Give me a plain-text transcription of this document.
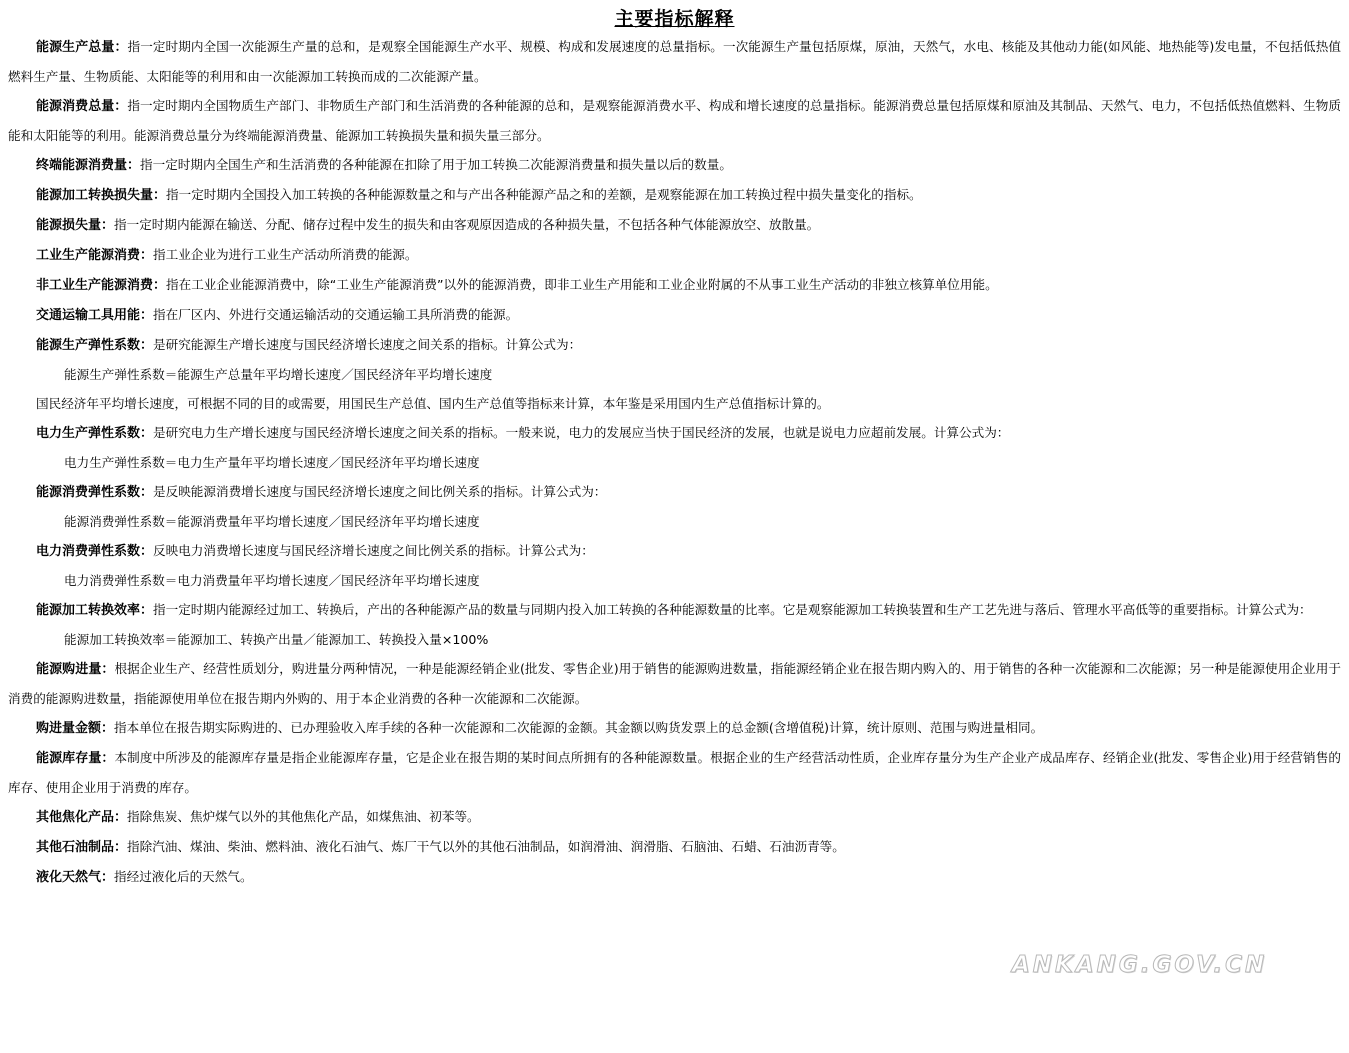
主要指标解释

能源生产总量：指一定时期内全国一次能源生产量的总和，是观察全国能源生产水平、规模、构成和发展速度的总量指标。一次能源生产量包括原煤，原油，天然气，水电、核能及其他动力能(如风能、地热能等)发电量，不包括低热值燃料生产量、生物质能、太阳能等的利用和由一次能源加工转换而成的二次能源产量。

能源消费总量：指一定时期内全国物质生产部门、非物质生产部门和生活消费的各种能源的总和，是观察能源消费水平、构成和增长速度的总量指标。能源消费总量包括原煤和原油及其制品、天然气、电力，不包括低热值燃料、生物质能和太阳能等的利用。能源消费总量分为终端能源消费量、能源加工转换损失量和损失量三部分。

终端能源消费量：指一定时期内全国生产和生活消费的各种能源在扣除了用于加工转换二次能源消费量和损失量以后的数量。

能源加工转换损失量：指一定时期内全国投入加工转换的各种能源数量之和与产出各种能源产品之和的差额，是观察能源在加工转换过程中损失量变化的指标。

能源损失量：指一定时期内能源在输送、分配、储存过程中发生的损失和由客观原因造成的各种损失量，不包括各种气体能源放空、放散量。

工业生产能源消费：指工业企业为进行工业生产活动所消费的能源。

非工业生产能源消费：指在工业企业能源消费中，除“工业生产能源消费”以外的能源消费，即非工业生产用能和工业企业附属的不从事工业生产活动的非独立核算单位用能。

交通运输工具用能：指在厂区内、外进行交通运输活动的交通运输工具所消费的能源。

能源生产弹性系数：是研究能源生产增长速度与国民经济增长速度之间关系的指标。计算公式为：

能源生产弹性系数＝能源生产总量年平均增长速度／国民经济年平均增长速度

国民经济年平均增长速度，可根据不同的目的或需要，用国民生产总值、国内生产总值等指标来计算，本年鉴是采用国内生产总值指标计算的。

电力生产弹性系数：是研究电力生产增长速度与国民经济增长速度之间关系的指标。一般来说，电力的发展应当快于国民经济的发展，也就是说电力应超前发展。计算公式为：

电力生产弹性系数＝电力生产量年平均增长速度／国民经济年平均增长速度

能源消费弹性系数：是反映能源消费增长速度与国民经济增长速度之间比例关系的指标。计算公式为：

能源消费弹性系数＝能源消费量年平均增长速度／国民经济年平均增长速度

电力消费弹性系数：反映电力消费增长速度与国民经济增长速度之间比例关系的指标。计算公式为：

电力消费弹性系数＝电力消费量年平均增长速度／国民经济年平均增长速度

能源加工转换效率：指一定时期内能源经过加工、转换后，产出的各种能源产品的数量与同期内投入加工转换的各种能源数量的比率。它是观察能源加工转换装置和生产工艺先进与落后、管理水平高低等的重要指标。计算公式为：

能源加工转换效率＝能源加工、转换产出量／能源加工、转换投入量×100%

能源购进量：根据企业生产、经营性质划分，购进量分两种情况，一种是能源经销企业(批发、零售企业)用于销售的能源购进数量，指能源经销企业在报告期内购入的、用于销售的各种一次能源和二次能源；另一种是能源使用企业用于消费的能源购进数量，指能源使用单位在报告期内外购的、用于本企业消费的各种一次能源和二次能源。

购进量金额：指本单位在报告期实际购进的、已办理验收入库手续的各种一次能源和二次能源的金额。其金额以购货发票上的总金额(含增值税)计算，统计原则、范围与购进量相同。

能源库存量：本制度中所涉及的能源库存量是指企业能源库存量，它是企业在报告期的某时间点所拥有的各种能源数量。根据企业的生产经营活动性质，企业库存量分为生产企业产成品库存、经销企业(批发、零售企业)用于经营销售的库存、使用企业用于消费的库存。

其他焦化产品：指除焦炭、焦炉煤气以外的其他焦化产品，如煤焦油、初苯等。

其他石油制品：指除汽油、煤油、柴油、燃料油、液化石油气、炼厂干气以外的其他石油制品，如润滑油、润滑脂、石脑油、石蜡、石油沥青等。

液化天然气：指经过液化后的天然气。

ANKANG.GOV.CN
